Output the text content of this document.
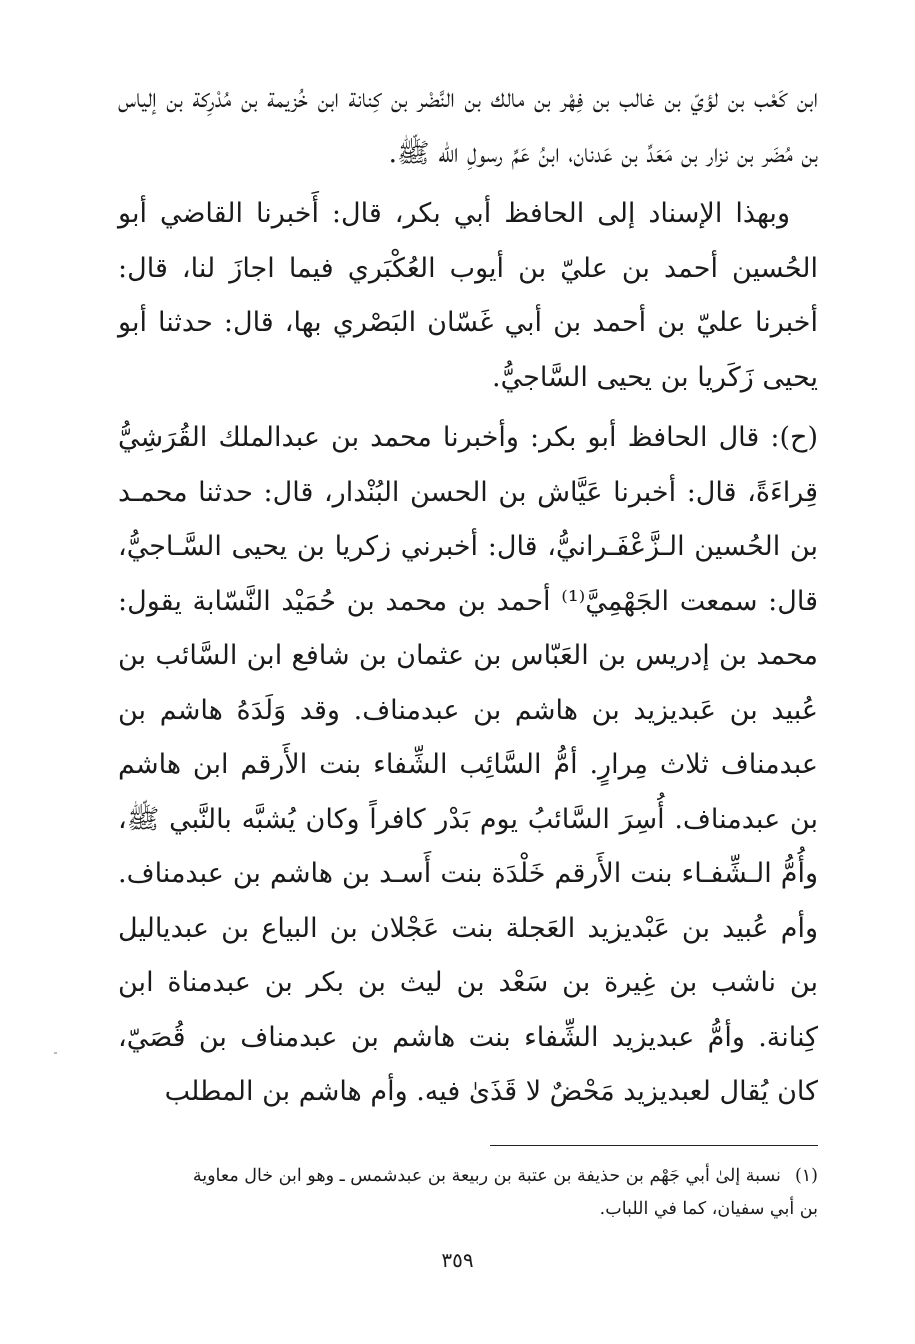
ابن كَعْب بن لؤيّ بن غالب بن فِهْر بن مالك بن النَّضْر بن كِنانة ابن خُزيمة بن مُدْرِكة بن إلياس بن مُضَر بن نزار بن مَعَدِّ بن عَدنان، ابنُ عَمِّ رسولِ الله ﷺ.

وبهذا الإسناد إلى الحافظ أبي بكر، قال: أَخبرنا القاضي أبو الحُسين أحمد بن عليّ بن أيوب العُكْبَري فيما اجازَ لنا، قال: أخبرنا عليّ بن أحمد بن أبي غَسّان البَصْري بها، قال: حدثنا أبو يحيى زَكَريا بن يحيى السَّاجيُّ.

(ح): قال الحافظ أبو بكر: وأخبرنا محمد بن عبدالملك القُرَشِيُّ قِراءَةً، قال: أخبرنا عَيَّاش بن الحسن البُنْدار، قال: حدثنا محمـد بن الحُسين الـزَّعْفَـرانيُّ، قال: أخبرني زكريا بن يحيى السَّـاجيُّ، قال: سمعت الجَهْمِيَّ⁽¹⁾ أحمد بن محمد بن حُمَيْد النَّسّابة يقول: محمد بن إدريس بن العَبّاس بن عثمان بن شافع ابن السَّائب بن عُبيد بن عَبديزيد بن هاشم بن عبدمناف. وقد وَلَدَهُ هاشم بن عبدمناف ثلاث مِرارٍ. أمُّ السَّائِب الشِّفاء بنت الأَرقم ابن هاشم بن عبدمناف. أُسِرَ السَّائبُ يوم بَدْر كافراً وكان يُشبَّه بالنَّبي ﷺ، وأُمُّ الـشِّفـاء بنت الأَرقم خَلْدَة بنت أَسـد بن هاشم بن عبدمناف. وأم عُبيد بن عَبْديزيد العَجلة بنت عَجْلان بن البياع بن عبدياليل بن ناشب بن غِيرة بن سَعْد بن ليث بن بكر بن عبدمناة ابن كِنانة. وأمُّ عبديزيد الشِّفاء بنت هاشم بن عبدمناف بن قُصَيّ، كان يُقال لعبديزيد مَحْضٌ لا قَذَىٰ فيه. وأم هاشم بن المطلب

(١)نسبة إلىٰ أبي جَهْم بن حذيفة بن عتبة بن ربيعة بن عبدشمس ـ وهو ابن خال معاوية
بن أبي سفيان، كما في اللباب.
٣٥٩
